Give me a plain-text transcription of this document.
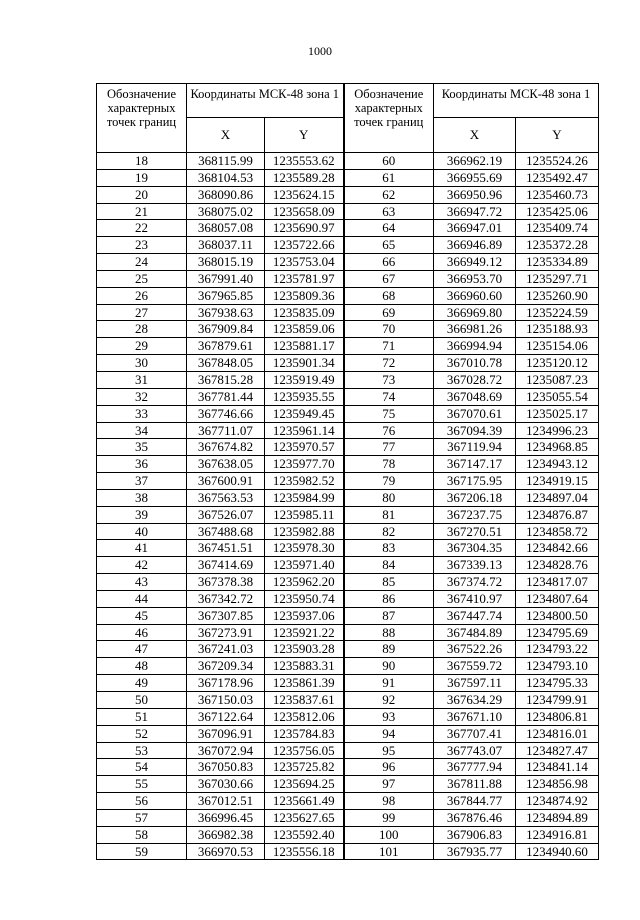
1000
Обозначение характерных точек границ	Координаты МСК-48 зона 1		Обозначение характерных точек границ	Координаты МСК-48 зона 1	
	X	Y		X	Y
18	368115.99	1235553.62	60	366962.19	1235524.26
19	368104.53	1235589.28	61	366955.69	1235492.47
20	368090.86	1235624.15	62	366950.96	1235460.73
21	368075.02	1235658.09	63	366947.72	1235425.06
22	368057.08	1235690.97	64	366947.01	1235409.74
23	368037.11	1235722.66	65	366946.89	1235372.28
24	368015.19	1235753.04	66	366949.12	1235334.89
25	367991.40	1235781.97	67	366953.70	1235297.71
26	367965.85	1235809.36	68	366960.60	1235260.90
27	367938.63	1235835.09	69	366969.80	1235224.59
28	367909.84	1235859.06	70	366981.26	1235188.93
29	367879.61	1235881.17	71	366994.94	1235154.06
30	367848.05	1235901.34	72	367010.78	1235120.12
31	367815.28	1235919.49	73	367028.72	1235087.23
32	367781.44	1235935.55	74	367048.69	1235055.54
33	367746.66	1235949.45	75	367070.61	1235025.17
34	367711.07	1235961.14	76	367094.39	1234996.23
35	367674.82	1235970.57	77	367119.94	1234968.85
36	367638.05	1235977.70	78	367147.17	1234943.12
37	367600.91	1235982.52	79	367175.95	1234919.15
38	367563.53	1235984.99	80	367206.18	1234897.04
39	367526.07	1235985.11	81	367237.75	1234876.87
40	367488.68	1235982.88	82	367270.51	1234858.72
41	367451.51	1235978.30	83	367304.35	1234842.66
42	367414.69	1235971.40	84	367339.13	1234828.76
43	367378.38	1235962.20	85	367374.72	1234817.07
44	367342.72	1235950.74	86	367410.97	1234807.64
45	367307.85	1235937.06	87	367447.74	1234800.50
46	367273.91	1235921.22	88	367484.89	1234795.69
47	367241.03	1235903.28	89	367522.26	1234793.22
48	367209.34	1235883.31	90	367559.72	1234793.10
49	367178.96	1235861.39	91	367597.11	1234795.33
50	367150.03	1235837.61	92	367634.29	1234799.91
51	367122.64	1235812.06	93	367671.10	1234806.81
52	367096.91	1235784.83	94	367707.41	1234816.01
53	367072.94	1235756.05	95	367743.07	1234827.47
54	367050.83	1235725.82	96	367777.94	1234841.14
55	367030.66	1235694.25	97	367811.88	1234856.98
56	367012.51	1235661.49	98	367844.77	1234874.92
57	366996.45	1235627.65	99	367876.46	1234894.89
58	366982.38	1235592.40	100	367906.83	1234916.81
59	366970.53	1235556.18	101	367935.77	1234940.60
